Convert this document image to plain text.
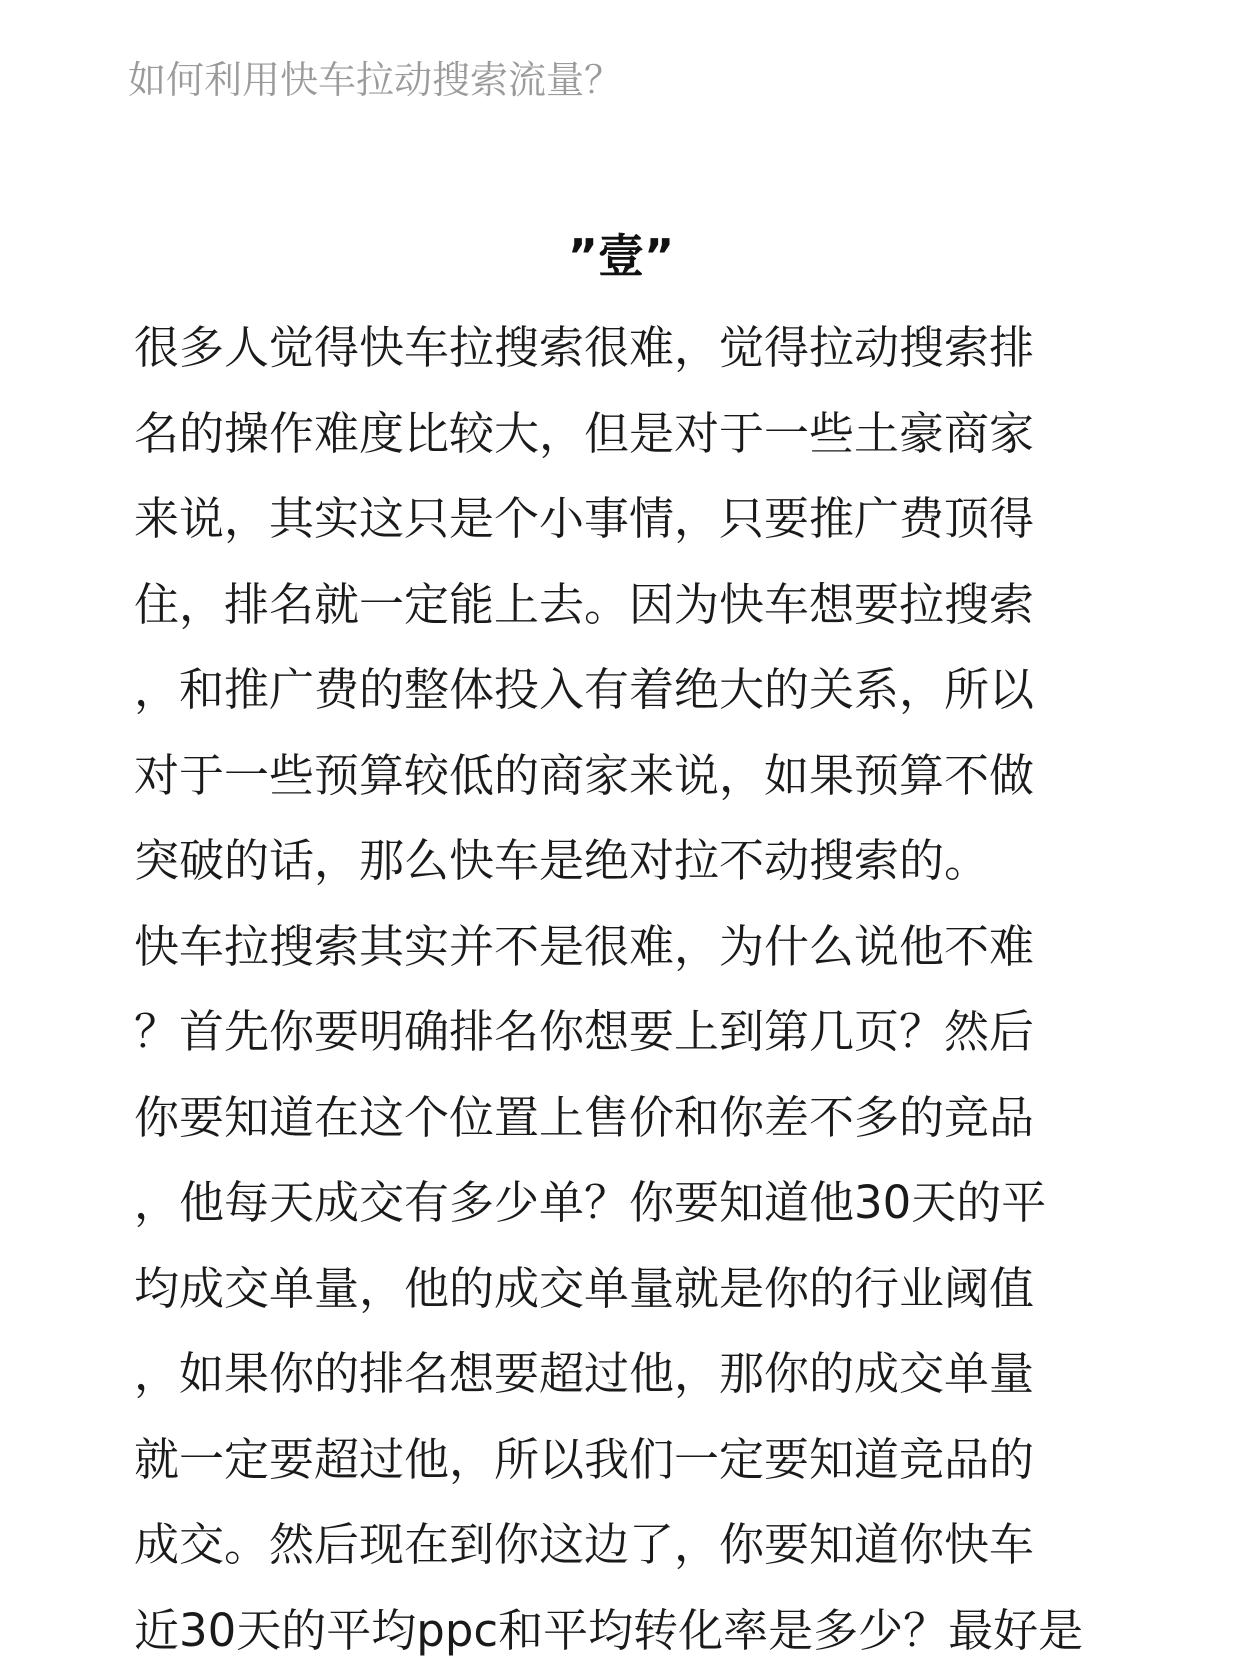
如何利用快车拉动搜索流量？
”壹”
很多人觉得快车拉搜索很难，觉得拉动搜索排
名的操作难度比较大，但是对于一些土豪商家
来说，其实这只是个小事情，只要推广费顶得
住，排名就一定能上去。因为快车想要拉搜索
，和推广费的整体投入有着绝大的关系，所以
对于一些预算较低的商家来说，如果预算不做
突破的话，那么快车是绝对拉不动搜索的。
快车拉搜索其实并不是很难，为什么说他不难
？首先你要明确排名你想要上到第几页？然后
你要知道在这个位置上售价和你差不多的竞品
，他每天成交有多少单？你要知道他30天的平
均成交单量，他的成交单量就是你的行业阈值
，如果你的排名想要超过他，那你的成交单量
就一定要超过他，所以我们一定要知道竞品的
成交。然后现在到你这边了，你要知道你快车
近30天的平均ppc和平均转化率是多少？最好是
